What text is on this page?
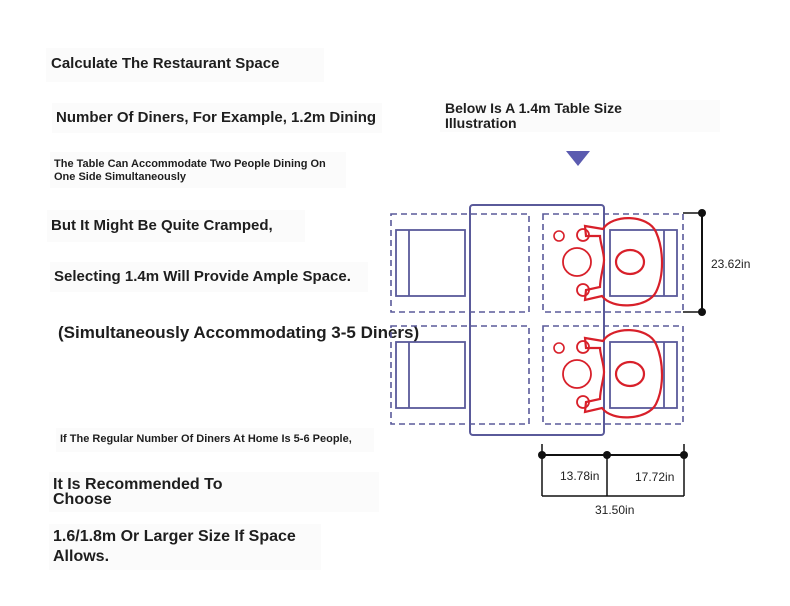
Calculate The Restaurant Space
Number Of Diners, For Example, 1.2m Dining
The Table Can Accommodate Two People Dining On
One Side Simultaneously
But It Might Be Quite Cramped,
Selecting 1.4m Will Provide Ample Space.
(Simultaneously Accommodating 3-5 Diners)
If The Regular Number Of Diners At Home Is 5-6 People,
It Is Recommended To
Choose
1.6/1.8m Or Larger Size If Space
Allows.
Below Is A 1.4m Table Size
Illustration
23.62in
13.78in	17.72in
31.50in
